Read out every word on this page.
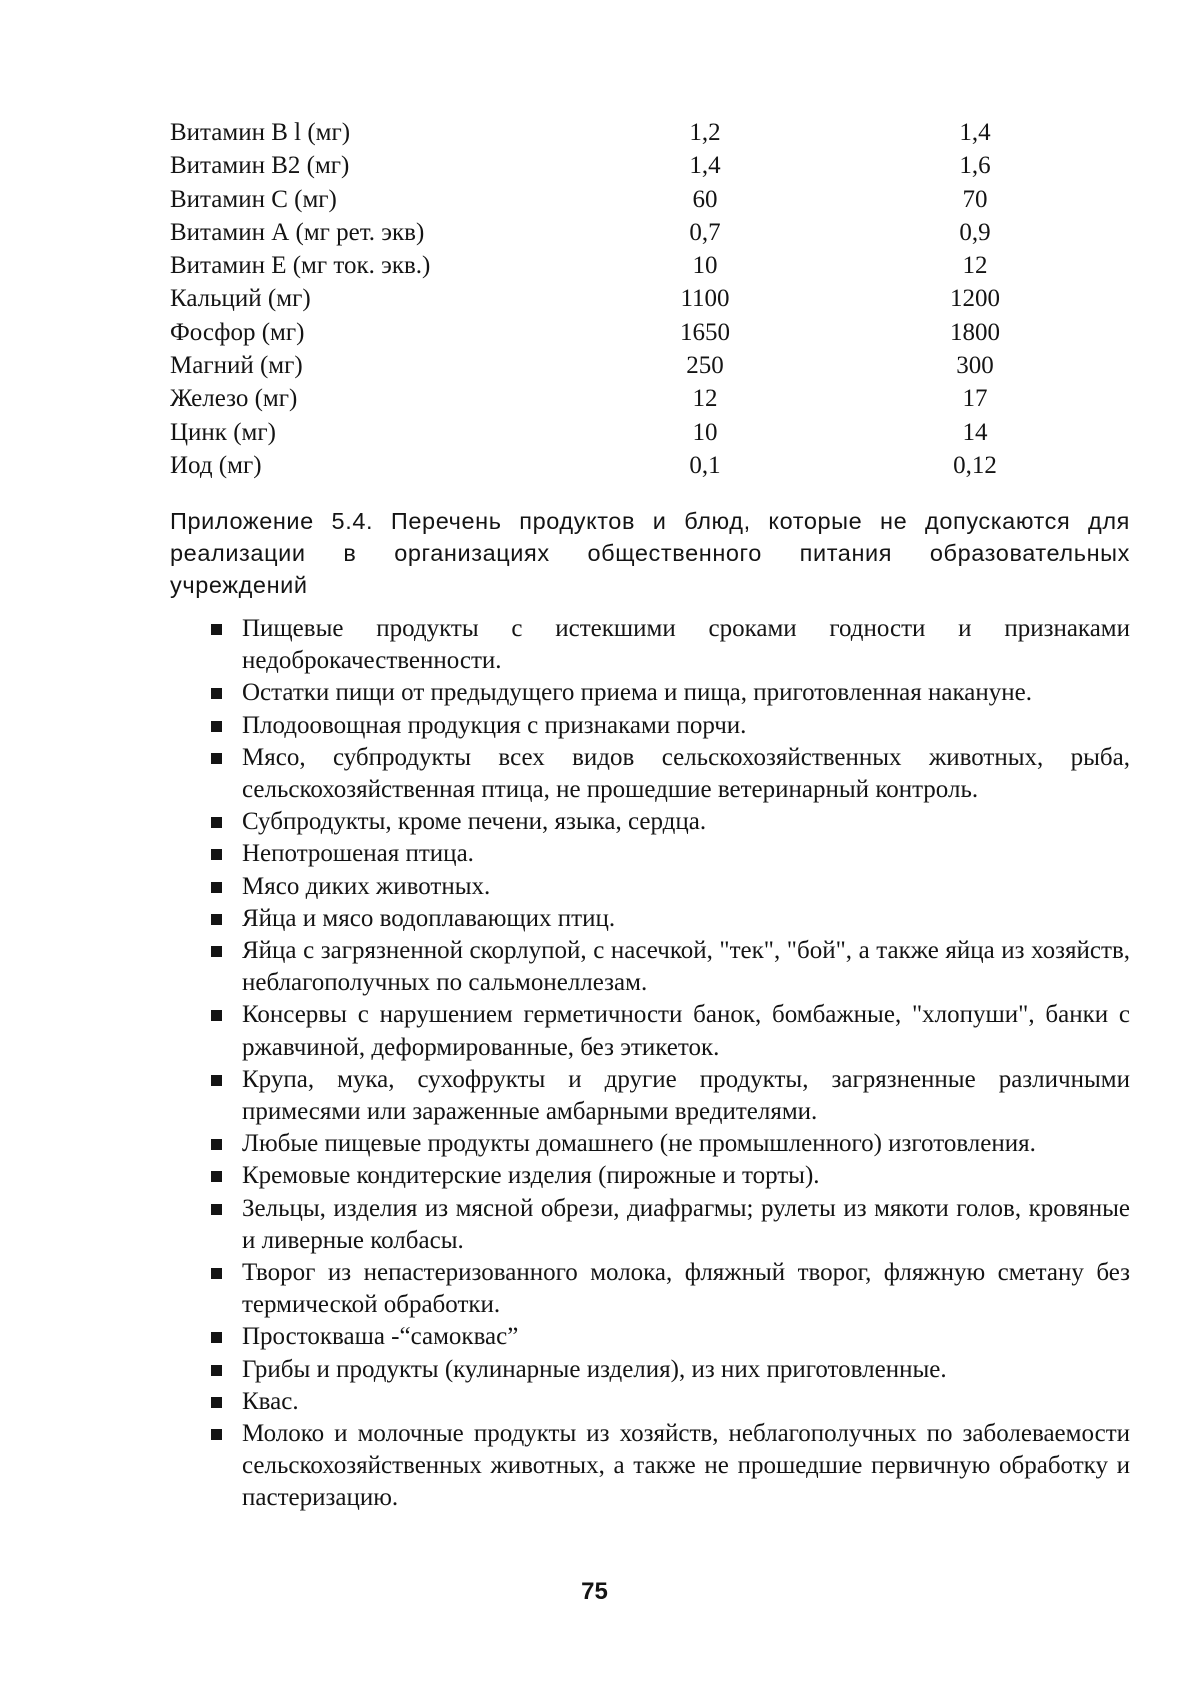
Витамин В l (мг)	1,2	1,4
Витамин В2 (мг)	1,4	1,6
Витамин С (мг)	60	70
Витамин А (мг рет. экв)	0,7	0,9
Витамин Е (мг ток. экв.)	10	12
Кальций (мг)	1100	1200
Фосфор (мг)	1650	1800
Магний (мг)	250	300
Железо (мг)	12	17
Цинк (мг)	10	14
Иод (мг)	0,1	0,12
Приложение 5.4. Перечень продуктов и блюд, которые не допускаются для реализации в организациях общественного питания образовательных учреждений
Пищевые продукты с истекшими сроками годности и признаками недоброкачественности.
Остатки пищи от предыдущего приема и пища, приготовленная накануне.
Плодоовощная продукция с признаками порчи.
Мясо, субпродукты всех видов сельскохозяйственных животных, рыба, сельскохозяйственная птица, не прошедшие ветеринарный контроль.
Субпродукты, кроме печени, языка, сердца.
Непотрошеная птица.
Мясо диких животных.
Яйца и мясо водоплавающих птиц.
Яйца с загрязненной скорлупой, с насечкой, "тек", "бой", а также яйца из хозяйств, неблагополучных по сальмонеллезам.
Консервы с нарушением герметичности банок, бомбажные, "хлопуши", банки с ржавчиной, деформированные, без этикеток.
Крупа, мука, сухофрукты и другие продукты, загрязненные различными примесями или зараженные амбарными вредителями.
Любые пищевые продукты домашнего (не промышленного) изготовления.
Кремовые кондитерские изделия (пирожные и торты).
Зельцы, изделия из мясной обрези, диафрагмы; рулеты из мякоти голов, кровяные и ливерные колбасы.
Творог из непастеризованного молока, фляжный творог, фляжную сметану без термической обработки.
Простокваша -“самоквас”
Грибы и продукты (кулинарные изделия), из них приготовленные.
Квас.
Молоко и молочные продукты из хозяйств, неблагополучных по заболеваемости сельскохозяйственных животных, а также не прошедшие первичную обработку и пастеризацию.
75
